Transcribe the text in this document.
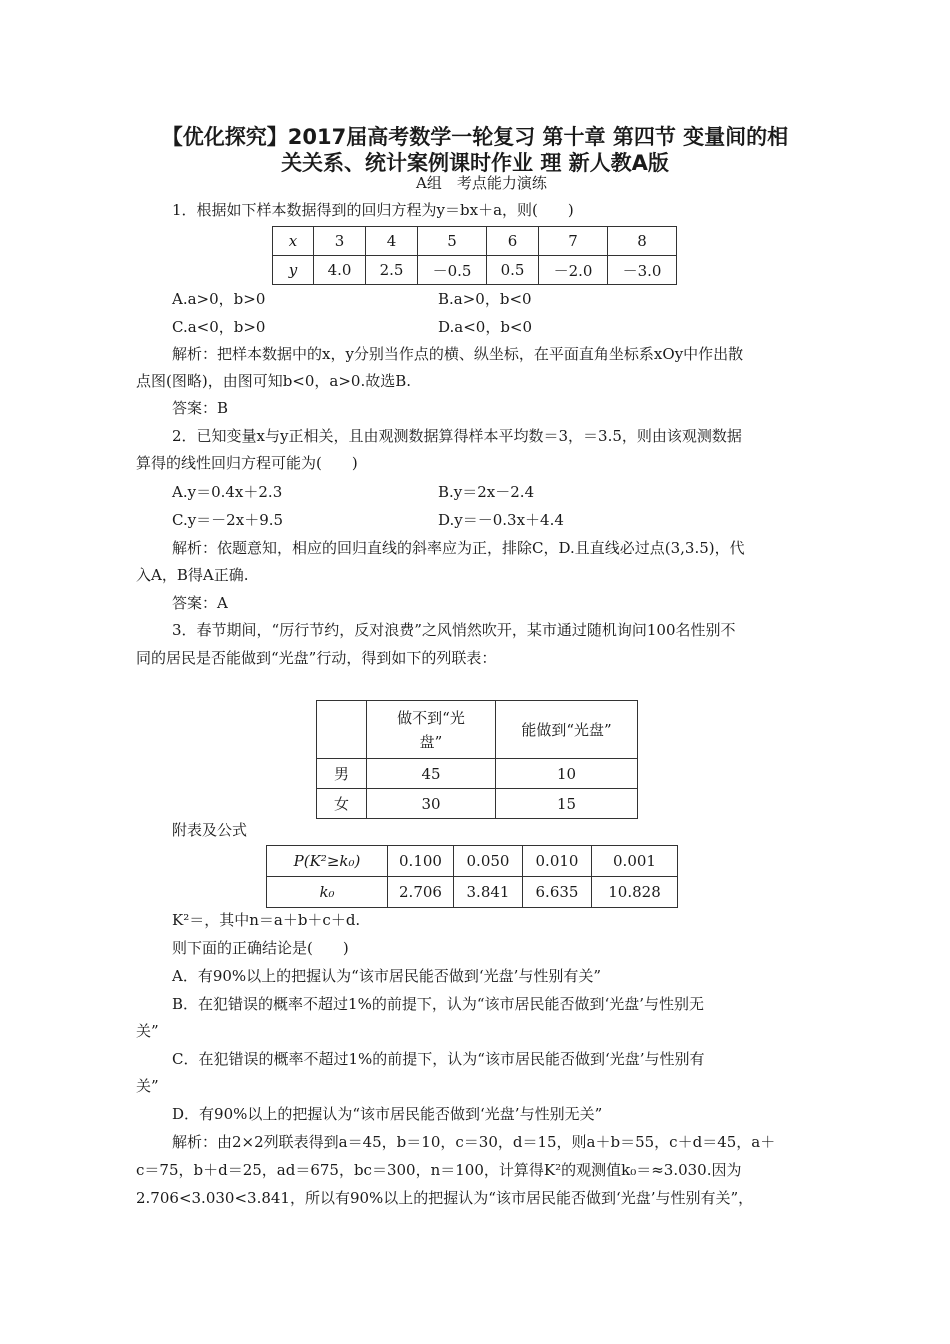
【优化探究】2017届高考数学一轮复习 第十章 第四节 变量间的相
关关系、统计案例课时作业 理 新人教A版
A组　考点能力演练
1．根据如下样本数据得到的回归方程为y＝bx＋a，则(　　)
x	3	4	5	6	7	8
y	4.0	2.5	－0.5	0.5	－2.0	－3.0
A.a>0，b>0	B.a>0，b<0
C.a<0，b>0	D.a<0，b<0
解析：把样本数据中的x，y分别当作点的横、纵坐标，在平面直角坐标系xOy中作出散
点图(图略)，由图可知b<0，a>0.故选B.
答案：B
2．已知变量x与y正相关，且由观测数据算得样本平均数＝3，＝3.5，则由该观测数据
算得的线性回归方程可能为(　　)
A.y＝0.4x＋2.3	B.y＝2x－2.4
C.y＝－2x＋9.5	D.y＝－0.3x＋4.4
解析：依题意知，相应的回归直线的斜率应为正，排除C，D.且直线必过点(3,3.5)，代
入A，B得A正确.
答案：A
3．春节期间，“厉行节约，反对浪费”之风悄然吹开，某市通过随机询问100名性别不
同的居民是否能做到“光盘”行动，得到如下的列联表：

	做不到“光
盘”	能做到“光盘”
男	45	10
女	30	15
附表及公式
P(K²≥k₀)	0.100	0.050	0.010	0.001
k₀	2.706	3.841	6.635	10.828
K²＝，其中n＝a＋b＋c＋d.
则下面的正确结论是(　　)
A．有90%以上的把握认为“该市居民能否做到‘光盘’与性别有关”
B．在犯错误的概率不超过1%的前提下，认为“该市居民能否做到‘光盘’与性别无
关”
C．在犯错误的概率不超过1%的前提下，认为“该市居民能否做到‘光盘’与性别有
关”
D．有90%以上的把握认为“该市居民能否做到‘光盘’与性别无关”
解析：由2×2列联表得到a＝45，b＝10，c＝30，d＝15，则a＋b＝55，c＋d＝45，a＋
c＝75，b＋d＝25，ad＝675，bc＝300，n＝100，计算得K²的观测值k₀＝≈3.030.因为
2.706<3.030<3.841，所以有90%以上的把握认为“该市居民能否做到‘光盘’与性别有关”，
